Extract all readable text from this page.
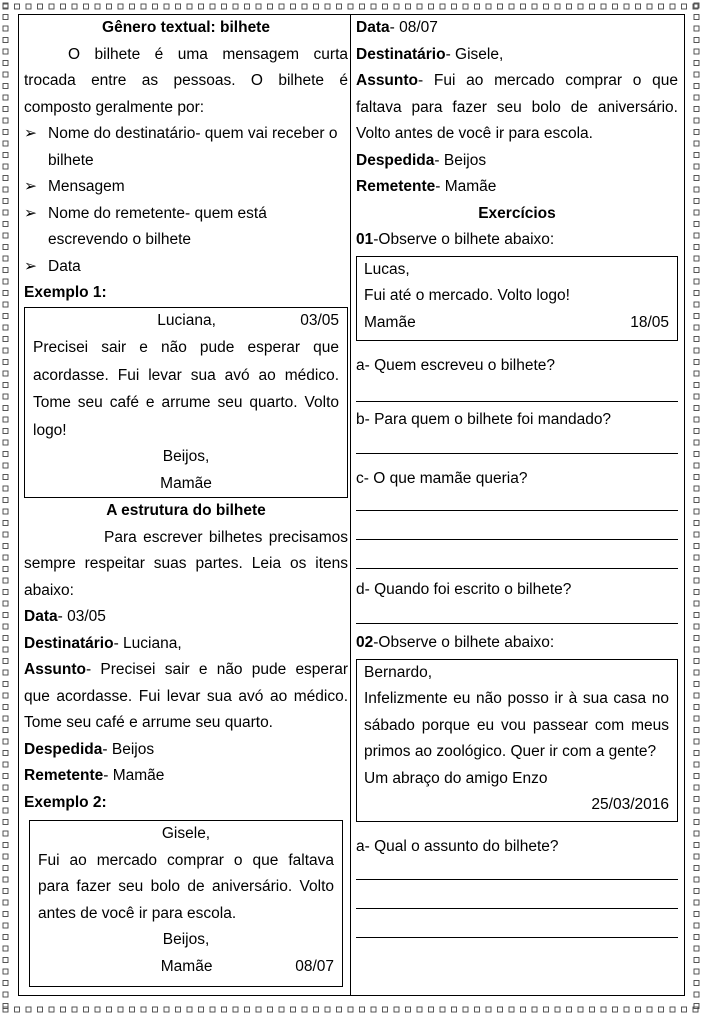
Gênero textual: bilhete
O bilhete é uma mensagem curta trocada entre as pessoas. O bilhete é composto geralmente por:
➢ Nome do destinatário- quem vai receber o bilhete
➢ Mensagem
➢ Nome do remetente- quem está escrevendo o bilhete
➢ Data
Exemplo 1:
Luciana,	03/05
Precisei sair e não pude esperar que acordasse. Fui levar sua avó ao médico. Tome seu café e arrume seu quarto. Volto logo!
Beijos,
Mamãe
A estrutura do bilhete
Para escrever bilhetes precisamos sempre respeitar suas partes. Leia os itens abaixo:
Data- 03/05
Destinatário- Luciana,
Assunto- Precisei sair e não pude esperar que acordasse. Fui levar sua avó ao médico. Tome seu café e arrume seu quarto.
Despedida- Beijos
Remetente- Mamãe
Exemplo 2:
Gisele,
Fui ao mercado comprar o que faltava para fazer seu bolo de aniversário. Volto antes de você ir para escola.
Beijos,
Mamãe	08/07
Data- 08/07
Destinatário- Gisele,
Assunto- Fui ao mercado comprar o que faltava para fazer seu bolo de aniversário. Volto antes de você ir para escola.
Despedida- Beijos
Remetente- Mamãe
Exercícios
01-Observe o bilhete abaixo:
Lucas,
Fui até o mercado. Volto logo!
Mamãe	18/05
a- Quem escreveu o bilhete?
b- Para quem o bilhete foi mandado?
c- O que mamãe queria?
d- Quando foi escrito o bilhete?
02-Observe o bilhete abaixo:
Bernardo,
Infelizmente eu não posso ir à sua casa no sábado porque eu vou passear com meus primos ao zoológico. Quer ir com a gente?
Um abraço do amigo Enzo
25/03/2016
a- Qual o assunto do bilhete?
